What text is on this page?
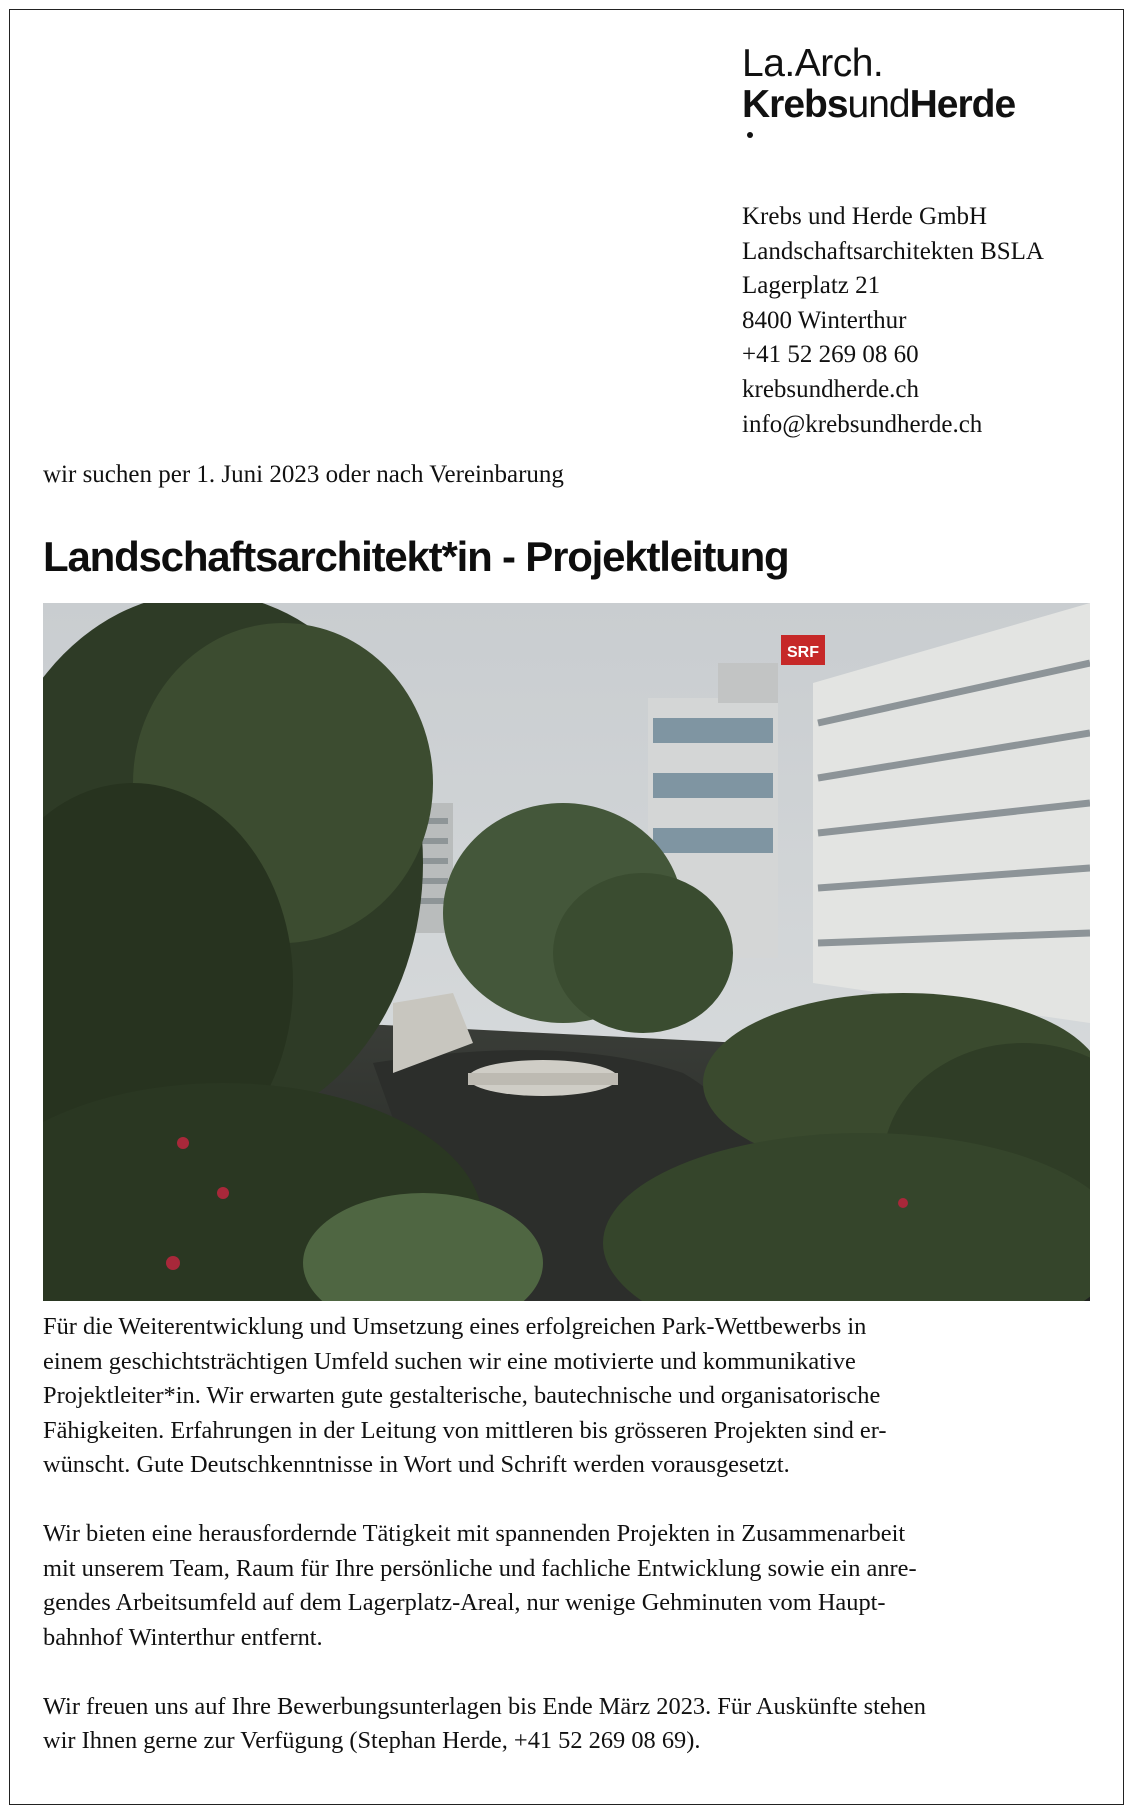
La.Arch.
KrebsundHerde
Krebs und Herde GmbH
Landschaftsarchitekten BSLA
Lagerplatz 21
8400 Winterthur
+41 52 269 08 60
krebsundherde.ch
info@krebsundherde.ch
wir suchen per 1. Juni 2023 oder nach Vereinbarung
Landschaftsarchitekt*in - Projektleitung
SRF

Für die Weiterentwicklung und Umsetzung eines erfolgreichen Park-Wettbewerbs in
einem geschichtsträchtigen Umfeld suchen wir eine motivierte und kommunikative
Projektleiter*in. Wir erwarten gute gestalterische, bautechnische und organisatorische
Fähigkeiten. Erfahrungen in der Leitung von mittleren bis grösseren Projekten sind er-
wünscht. Gute Deutschkenntnisse in Wort und Schrift werden vorausgesetzt.

Wir bieten eine herausfordernde Tätigkeit mit spannenden Projekten in Zusammenarbeit
mit unserem Team, Raum für Ihre persönliche und fachliche Entwicklung sowie ein anre-
gendes Arbeitsumfeld auf dem Lagerplatz-Areal, nur wenige Gehminuten vom Haupt-
bahnhof Winterthur entfernt.

Wir freuen uns auf Ihre Bewerbungsunterlagen bis Ende März 2023. Für Auskünfte stehen
wir Ihnen gerne zur Verfügung (Stephan Herde, +41 52 269 08 69).
